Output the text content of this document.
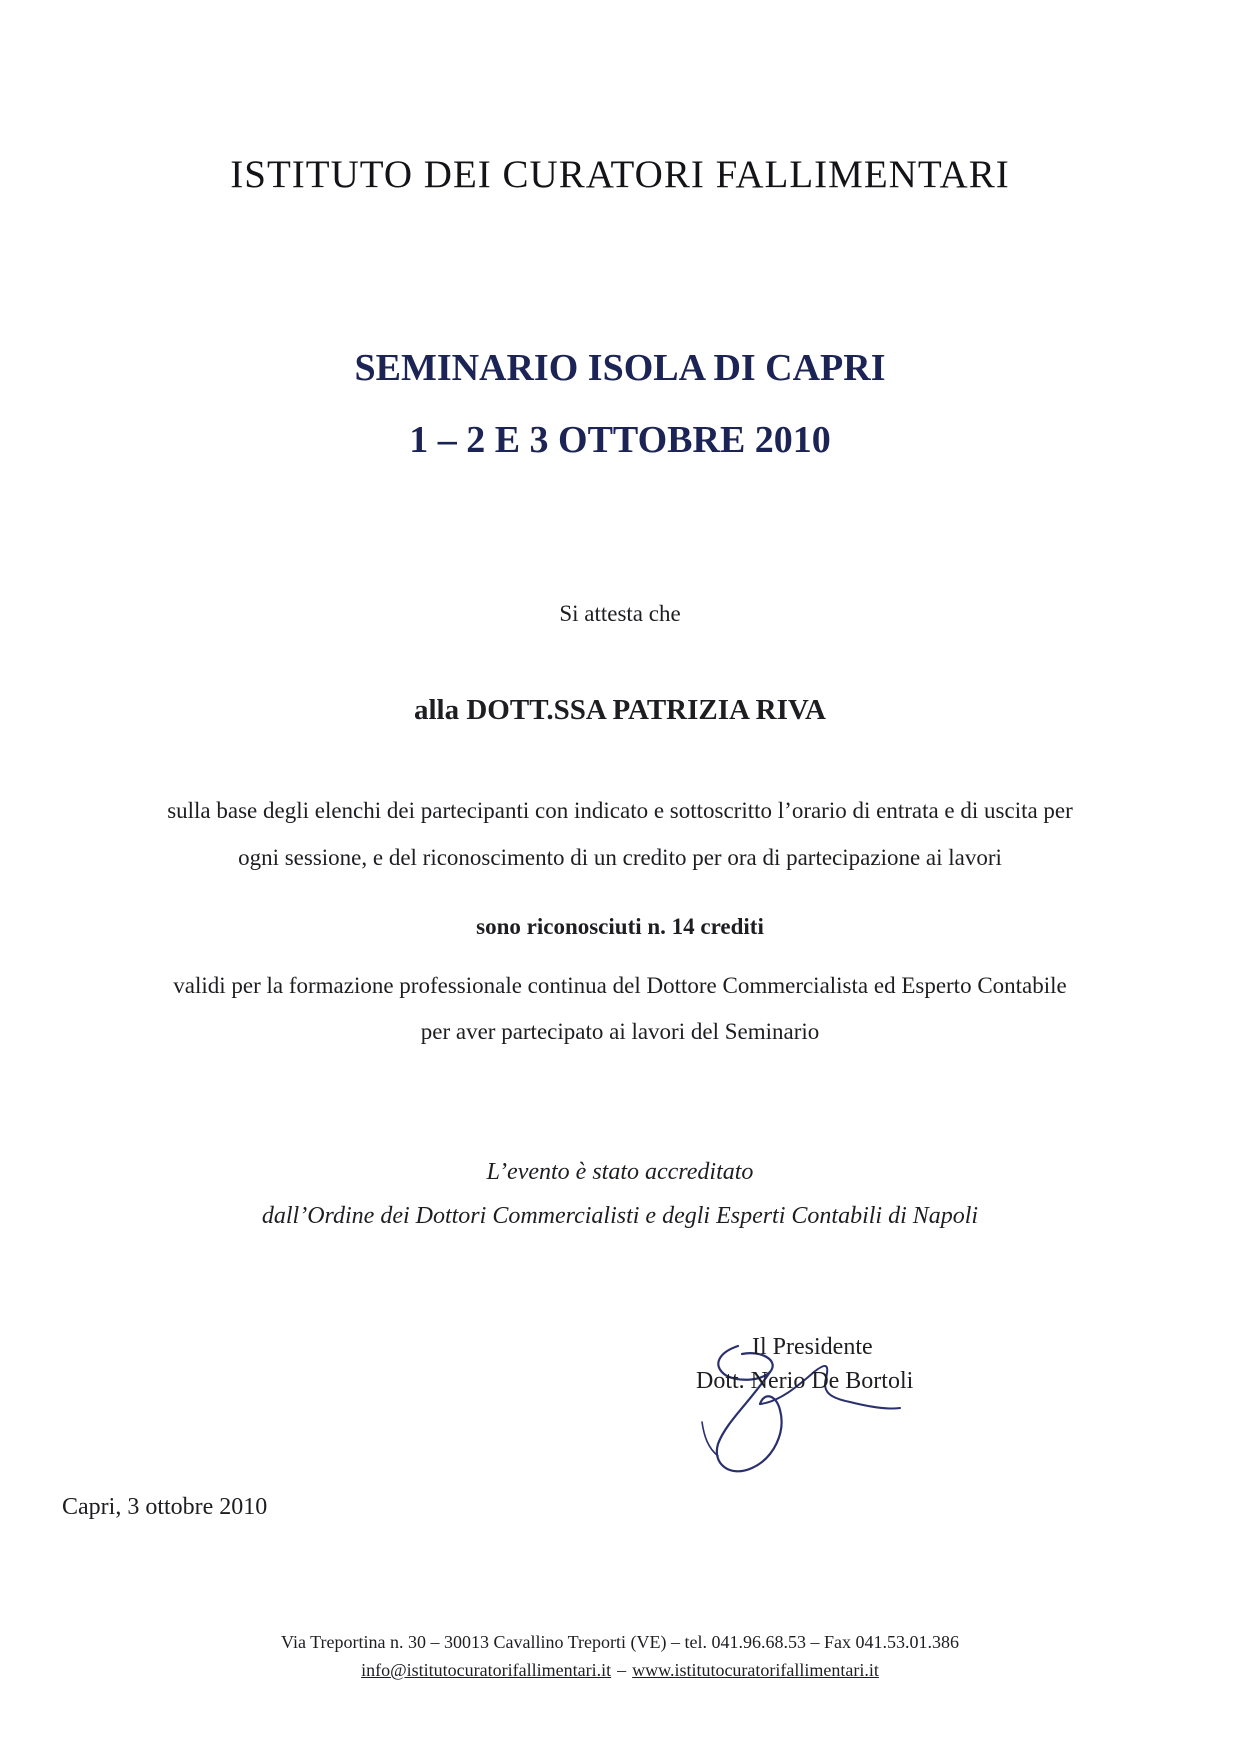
ISTITUTO DEI CURATORI FALLIMENTARI
SEMINARIO ISOLA DI CAPRI
1 – 2 E 3 OTTOBRE 2010
Si attesta che
alla DOTT.SSA PATRIZIA RIVA
sulla base degli elenchi dei partecipanti con indicato e sottoscritto l’orario di entrata e di uscita per
ogni sessione, e del riconoscimento di un credito per ora di partecipazione ai lavori
sono riconosciuti n. 14 crediti
validi per la formazione professionale continua del Dottore Commercialista ed Esperto Contabile
per aver partecipato ai lavori del Seminario
L’evento è stato accreditato
dall’Ordine dei Dottori Commercialisti e degli Esperti Contabili di Napoli
Il Presidente
Dott. Nerio De Bortoli
Capri, 3 ottobre 2010
Via Treportina n. 30 – 30013 Cavallino Treporti (VE) – tel. 041.96.68.53 – Fax 041.53.01.386
info@istitutocuratorifallimentari.it – www.istitutocuratorifallimentari.it
